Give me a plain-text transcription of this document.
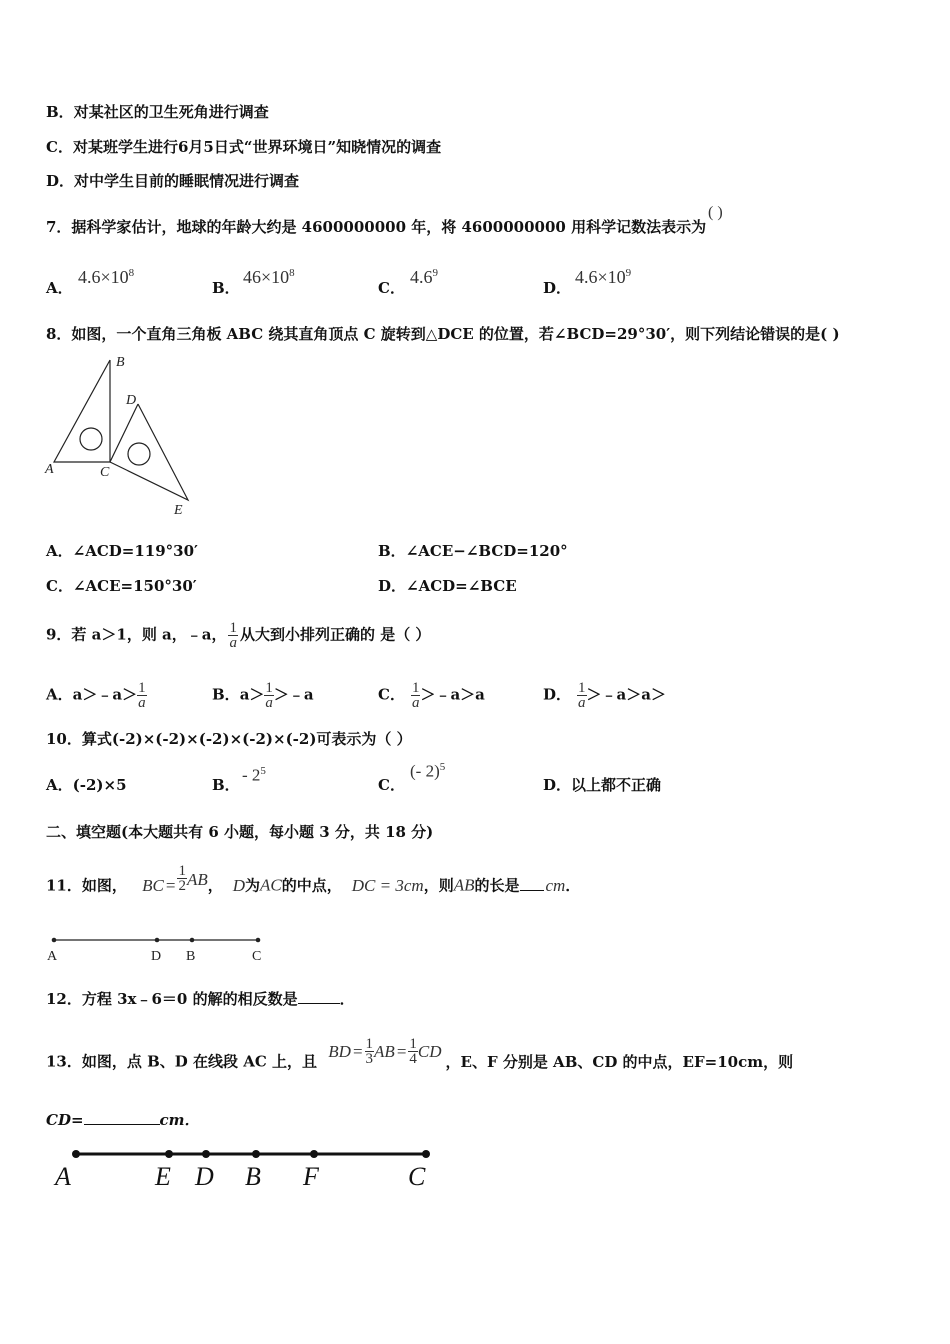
B．对某社区的卫生死角进行调查
C．对某班学生进行6月5日式“世界环境日”知晓情况的调查
D．对中学生目前的睡眠情况进行调查
7．据科学家估计，地球的年龄大约是 4600000000 年，将 4600000000 用科学记数法表示为
( )
A．
$4.6\times 10^8$
B．
$46\times 10^8$
C．
$4.6^9$
D．
$4.6\times 10^9$
8．如图，一个直角三角板 ABC 绕其直角顶点 C 旋转到△DCE 的位置，若∠BCD=29°30′，则下列结论错误的是( )
B
D
A	C
E
A．∠ACD=119°30′	B．∠ACE−∠BCD=120°
C．∠ACE=150°30′	D．∠ACD=∠BCE
9．若 a＞1，则 a，﹣a， $\frac{1}{a}$ 从大到小排列正确的 是（ ）
A．a＞﹣a＞ $\frac{1}{a}$	B．$a> \frac{1}{a}$ ＞﹣a	C． $\frac{1}{a}$ ＞﹣a＞a	D． $\frac{1}{a}$ ＞﹣a＞a＞
10．算式(-2)×(-2)×(-2)×(-2)×(-2)可表示为（ ）
A．(-2)×5	B．
- $2^5$
C．
(- 2)$^5$
D．以上都不正确
二、填空题(本大题共有 6 小题，每小题 3 分，共 18 分)
11．如图， BC = $\frac{1}{2}$ AB， D为AC的中点， DC = 3cm，则AB的长是 cm．
A	D B	C
12．方程 3x﹣6＝0 的解的相反数是	．
13．如图，点 B、D 在线段 AC 上，且 BD = $\frac{1}{3}$ AB = $\frac{1}{4}$ CD，E、F 分别是 AB、CD 的中点，EF=10cm，则
CD=	cm．
A	E D B F	C
